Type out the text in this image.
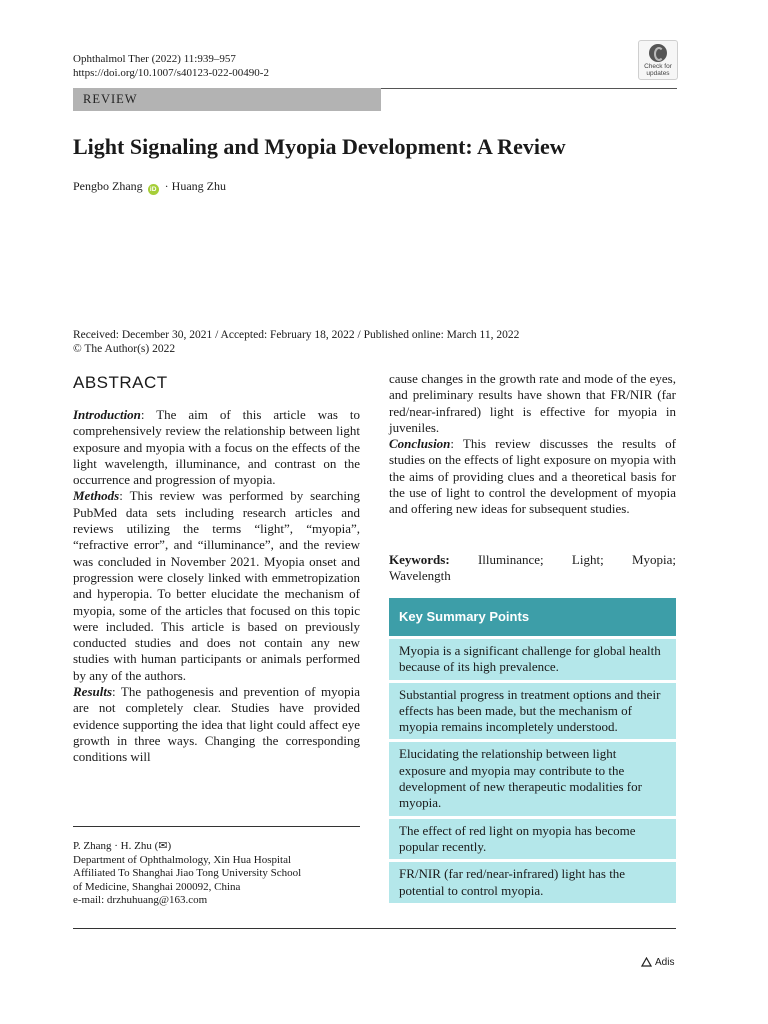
Ophthalmol Ther (2022) 11:939–957
https://doi.org/10.1007/s40123-022-00490-2
Check for
updates
REVIEW
Light Signaling and Myopia Development: A Review
Pengbo Zhang iD · Huang Zhu
Received: December 30, 2021 / Accepted: February 18, 2022 / Published online: March 11, 2022
© The Author(s) 2022
ABSTRACT

Introduction: The aim of this article was to comprehensively review the relationship between light exposure and myopia with a focus on the effects of the light wavelength, illuminance, and contrast on the occurrence and progression of myopia.

Methods: This review was performed by searching PubMed data sets including research articles and reviews utilizing the terms “light”, “myopia”, “refractive error”, and “illuminance”, and the review was concluded in November 2021. Myopia onset and progression were closely linked with emmetropization and hyperopia. To better elucidate the mechanism of myopia, some of the articles that focused on this topic were included. This article is based on previously conducted studies and does not contain any new studies with human participants or animals performed by any of the authors.

Results: The pathogenesis and prevention of myopia are not completely clear. Studies have provided evidence supporting the idea that light could affect eye growth in three ways. Changing the corresponding conditions will

cause changes in the growth rate and mode of the eyes, and preliminary results have shown that FR/NIR (far red/near-infrared) light is effective for myopia in juveniles.

Conclusion: This review discusses the results of studies on the effects of light exposure on myopia with the aims of providing clues and a theoretical basis for the use of light to control the development of myopia and offering new ideas for subsequent studies.

Keywords: Illuminance; Light; Myopia;
Wavelength
Key Summary Points
Myopia is a significant challenge for global health because of its high prevalence.
Substantial progress in treatment options and their effects has been made, but the mechanism of myopia remains incompletely understood.
Elucidating the relationship between light exposure and myopia may contribute to the development of new therapeutic modalities for myopia.
The effect of red light on myopia has become popular recently.
FR/NIR (far red/near-infrared) light has the potential to control myopia.
P. Zhang · H. Zhu (✉)
Department of Ophthalmology, Xin Hua Hospital
Affiliated To Shanghai Jiao Tong University School
of Medicine, Shanghai 200092, China
e-mail: drzhuhuang@163.com
Adis
